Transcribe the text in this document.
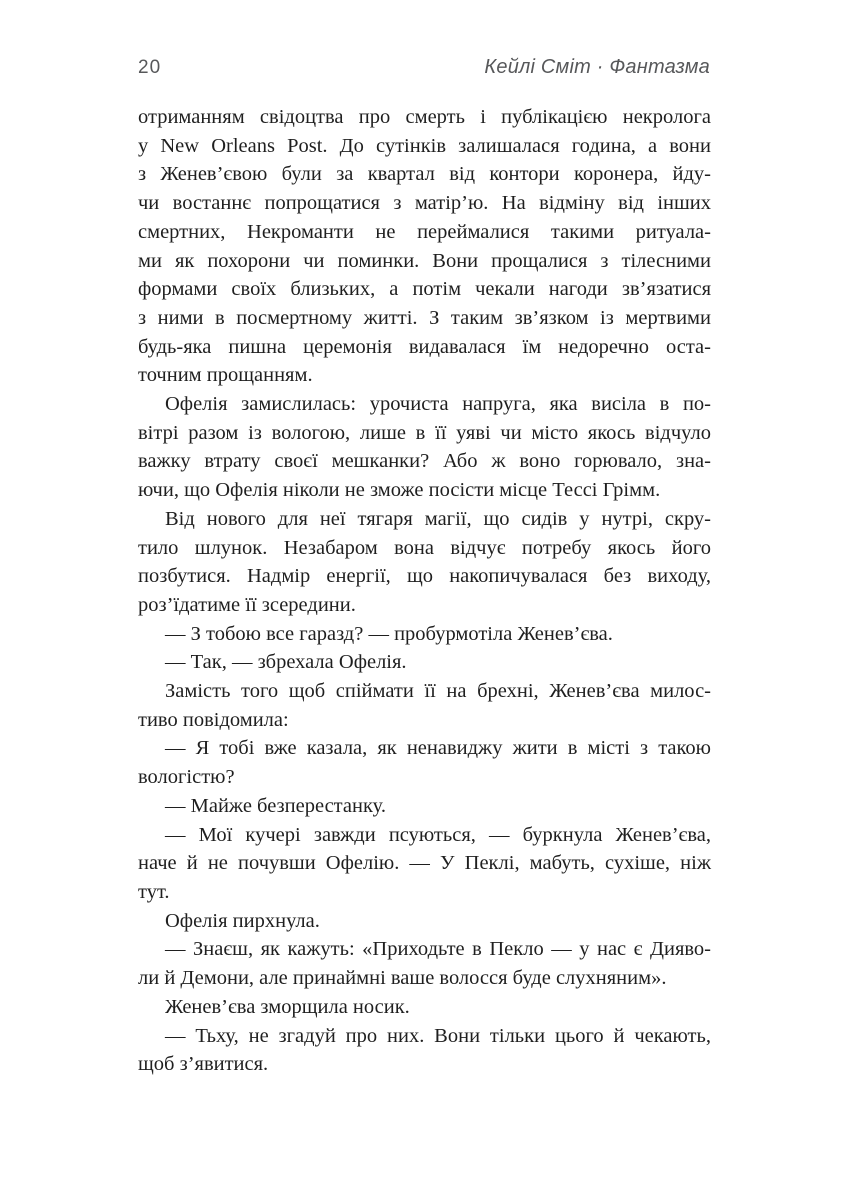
20	Кейлі Сміт · Фантазма
отриманням свідоцтва про смерть і публікацією некролога
у New Orleans Post. До сутінків залишалася година, а вони
з Женев’євою були за квартал від контори коронера, йду-
чи востаннє попрощатися з матір’ю. На відміну від інших
смертних, Некроманти не переймалися такими ритуала-
ми як похорони чи поминки. Вони прощалися з тілесними
формами своїх близьких, а потім чекали нагоди зв’язатися
з ними в посмертному житті. З таким зв’язком із мертвими
будь-яка пишна церемонія видавалася їм недоречно оста-
точним прощанням.
Офелія замислилась: урочиста напруга, яка висіла в по-
вітрі разом із вологою, лише в її уяві чи місто якось відчуло
важку втрату своєї мешканки? Або ж воно горювало, зна-
ючи, що Офелія ніколи не зможе посісти місце Тессі Грімм.
Від нового для неї тягаря магії, що сидів у нутрі, скру-
тило шлунок. Незабаром вона відчує потребу якось його
позбутися. Надмір енергії, що накопичувалася без виходу,
роз’їдатиме її зсередини.
— З тобою все гаразд? — пробурмотіла Женев’єва.
— Так, — збрехала Офелія.
Замість того щоб спіймати її на брехні, Женев’єва милос-
тиво повідомила:
— Я тобі вже казала, як ненавиджу жити в місті з такою
вологістю?
— Майже безперестанку.
— Мої кучері завжди псуються, — буркнула Женев’єва,
наче й не почувши Офелію. — У Пеклі, мабуть, сухіше, ніж
тут.
Офелія пирхнула.
— Знаєш, як кажуть: «Приходьте в Пекло — у нас є Дияво-
ли й Демони, але принаймні ваше волосся буде слухняним».
Женев’єва зморщила носик.
— Тьху, не згадуй про них. Вони тільки цього й чекають,
щоб з’явитися.
